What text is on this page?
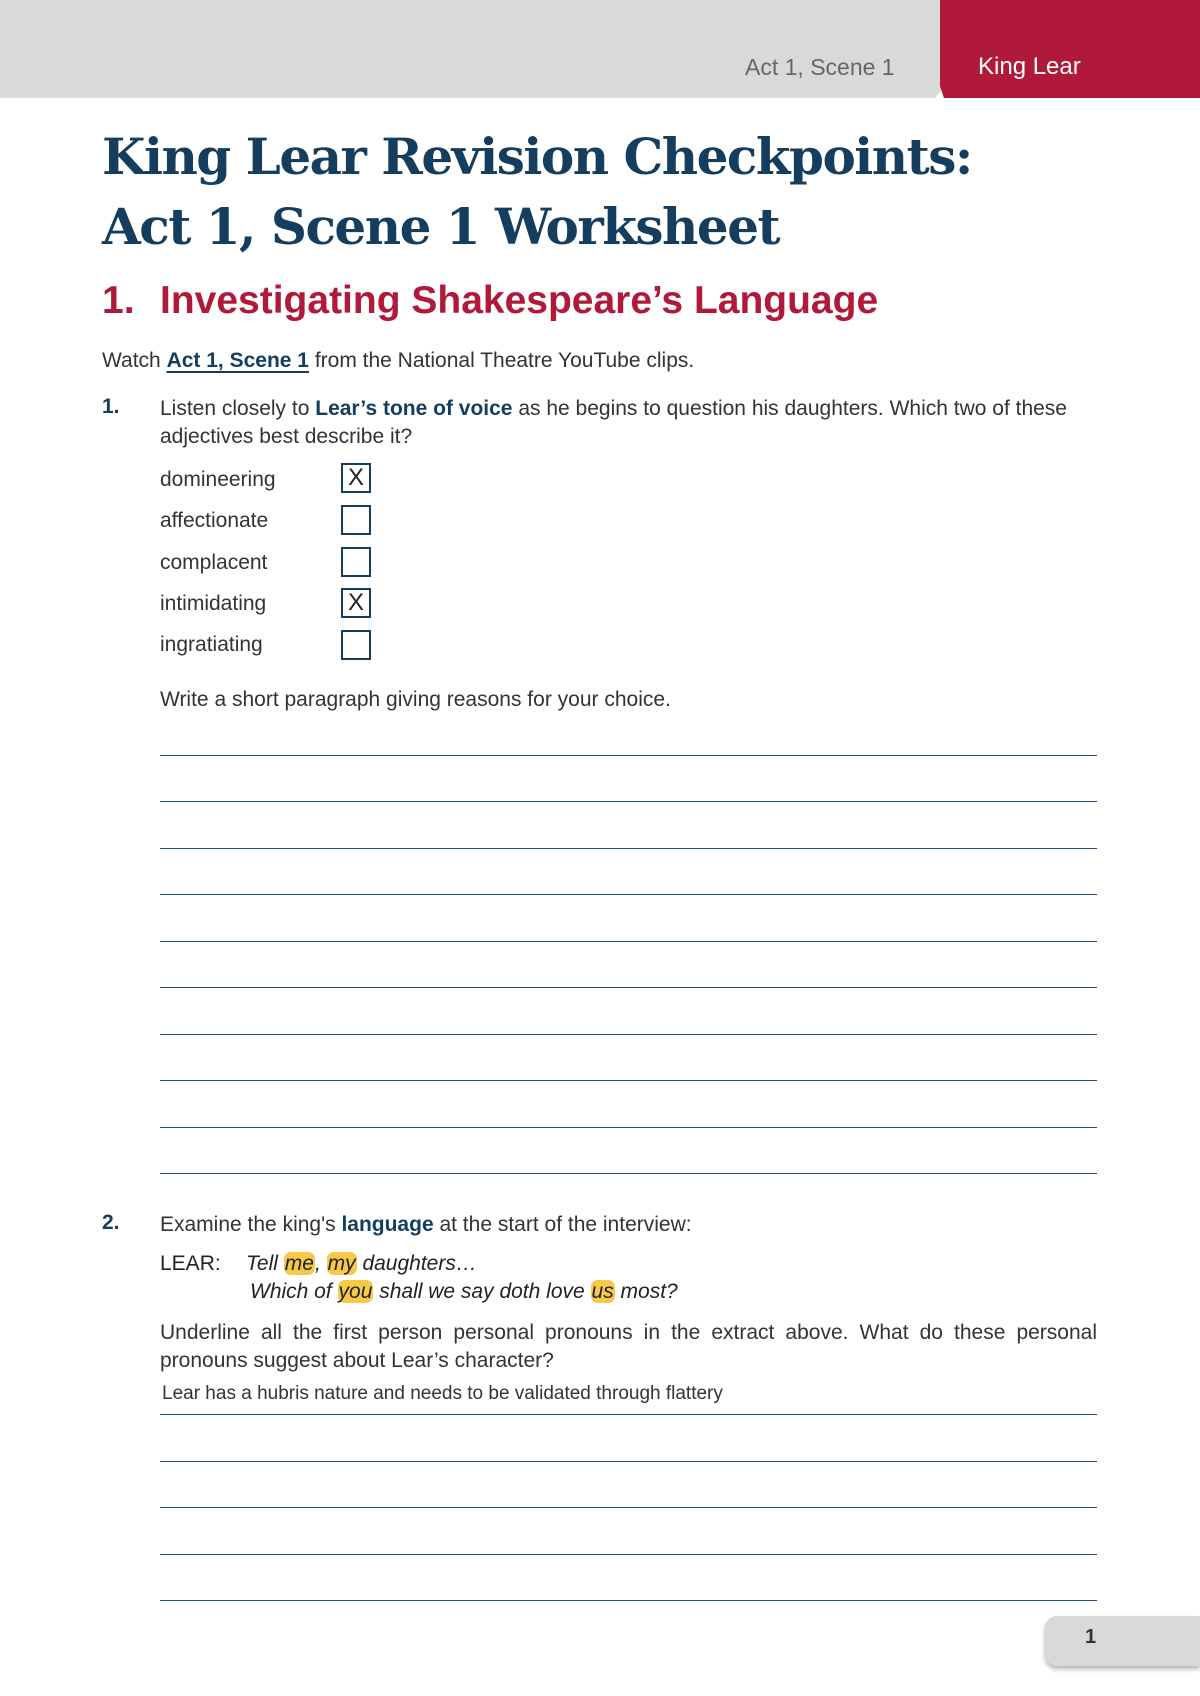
Act 1, Scene 1	King Lear
King Lear Revision Checkpoints:
Act 1, Scene 1 Worksheet
1. Investigating Shakespeare’s Language

Watch Act 1, Scene 1 from the National Theatre YouTube clips.

1. Listen closely to Lear’s tone of voice as he begins to question his daughters. Which two of these adjectives best describe it?

domineering	X
affectionate
complacent
intimidating	X
ingratiating

Write a short paragraph giving reasons for your choice.

2. Examine the king's language at the start of the interview:

LEAR: Tell me, my daughters…
Which of you shall we say doth love us most?

Underline all the first person personal pronouns in the extract above. What do these personal pronouns suggest about Lear’s character?

Lear has a hubris nature and needs to be validated through flattery
1
